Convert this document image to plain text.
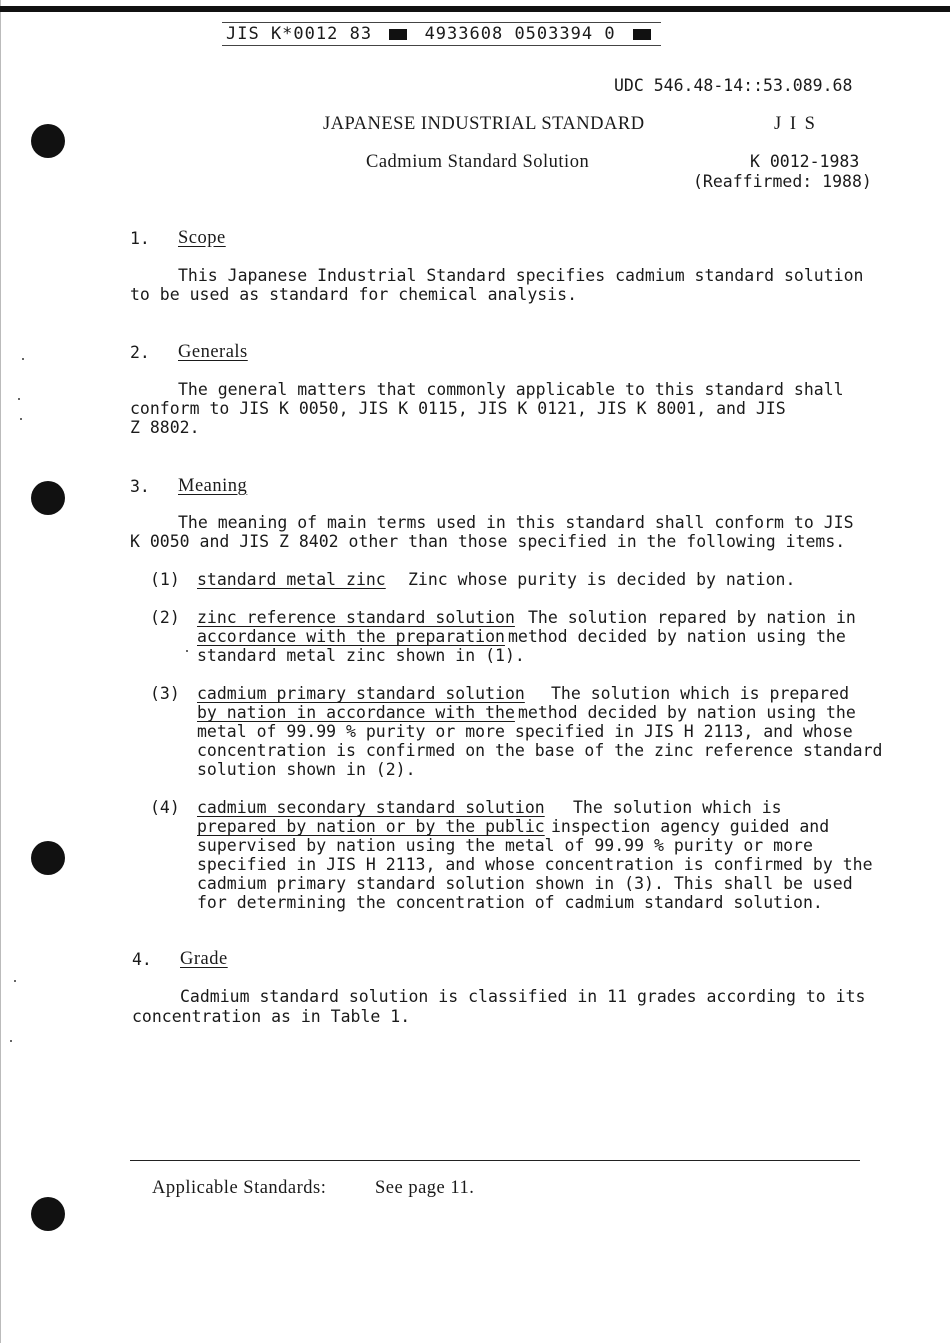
JIS K*0012 83	4933608 0503394 0
UDC 546.48-14::53.089.68
JAPANESE INDUSTRIAL STANDARD	J I S
Cadmium Standard Solution	K 0012-1983
(Reaffirmed: 1988)
1. Scope
This Japanese Industrial Standard specifies cadmium standard solution
to be used as standard for chemical analysis.
2. Generals
The general matters that commonly applicable to this standard shall
conform to JIS K 0050, JIS K 0115, JIS K 0121, JIS K 8001, and JIS
Z 8802.
3. Meaning
The meaning of main terms used in this standard shall conform to JIS
K 0050 and JIS Z 8402 other than those specified in the following items.
(1) standard metal zinc Zinc whose purity is decided by nation.
(2) zinc reference standard solution The solution repared by nation in
accordance with the preparation method decided by nation using the
standard metal zinc shown in (1).
(3) cadmium primary standard solution The solution which is prepared
by nation in accordance with the method decided by nation using the
metal of 99.99 % purity or more specified in JIS H 2113, and whose
concentration is confirmed on the base of the zinc reference standard
solution shown in (2).
(4) cadmium secondary standard solution The solution which is
prepared by nation or by the public inspection agency guided and
supervised by nation using the metal of 99.99 % purity or more
specified in JIS H 2113, and whose concentration is confirmed by the
cadmium primary standard solution shown in (3). This shall be used
for determining the concentration of cadmium standard solution.
4. Grade
Cadmium standard solution is classified in 11 grades according to its
concentration as in Table 1.
Applicable Standards:	See page 11.
